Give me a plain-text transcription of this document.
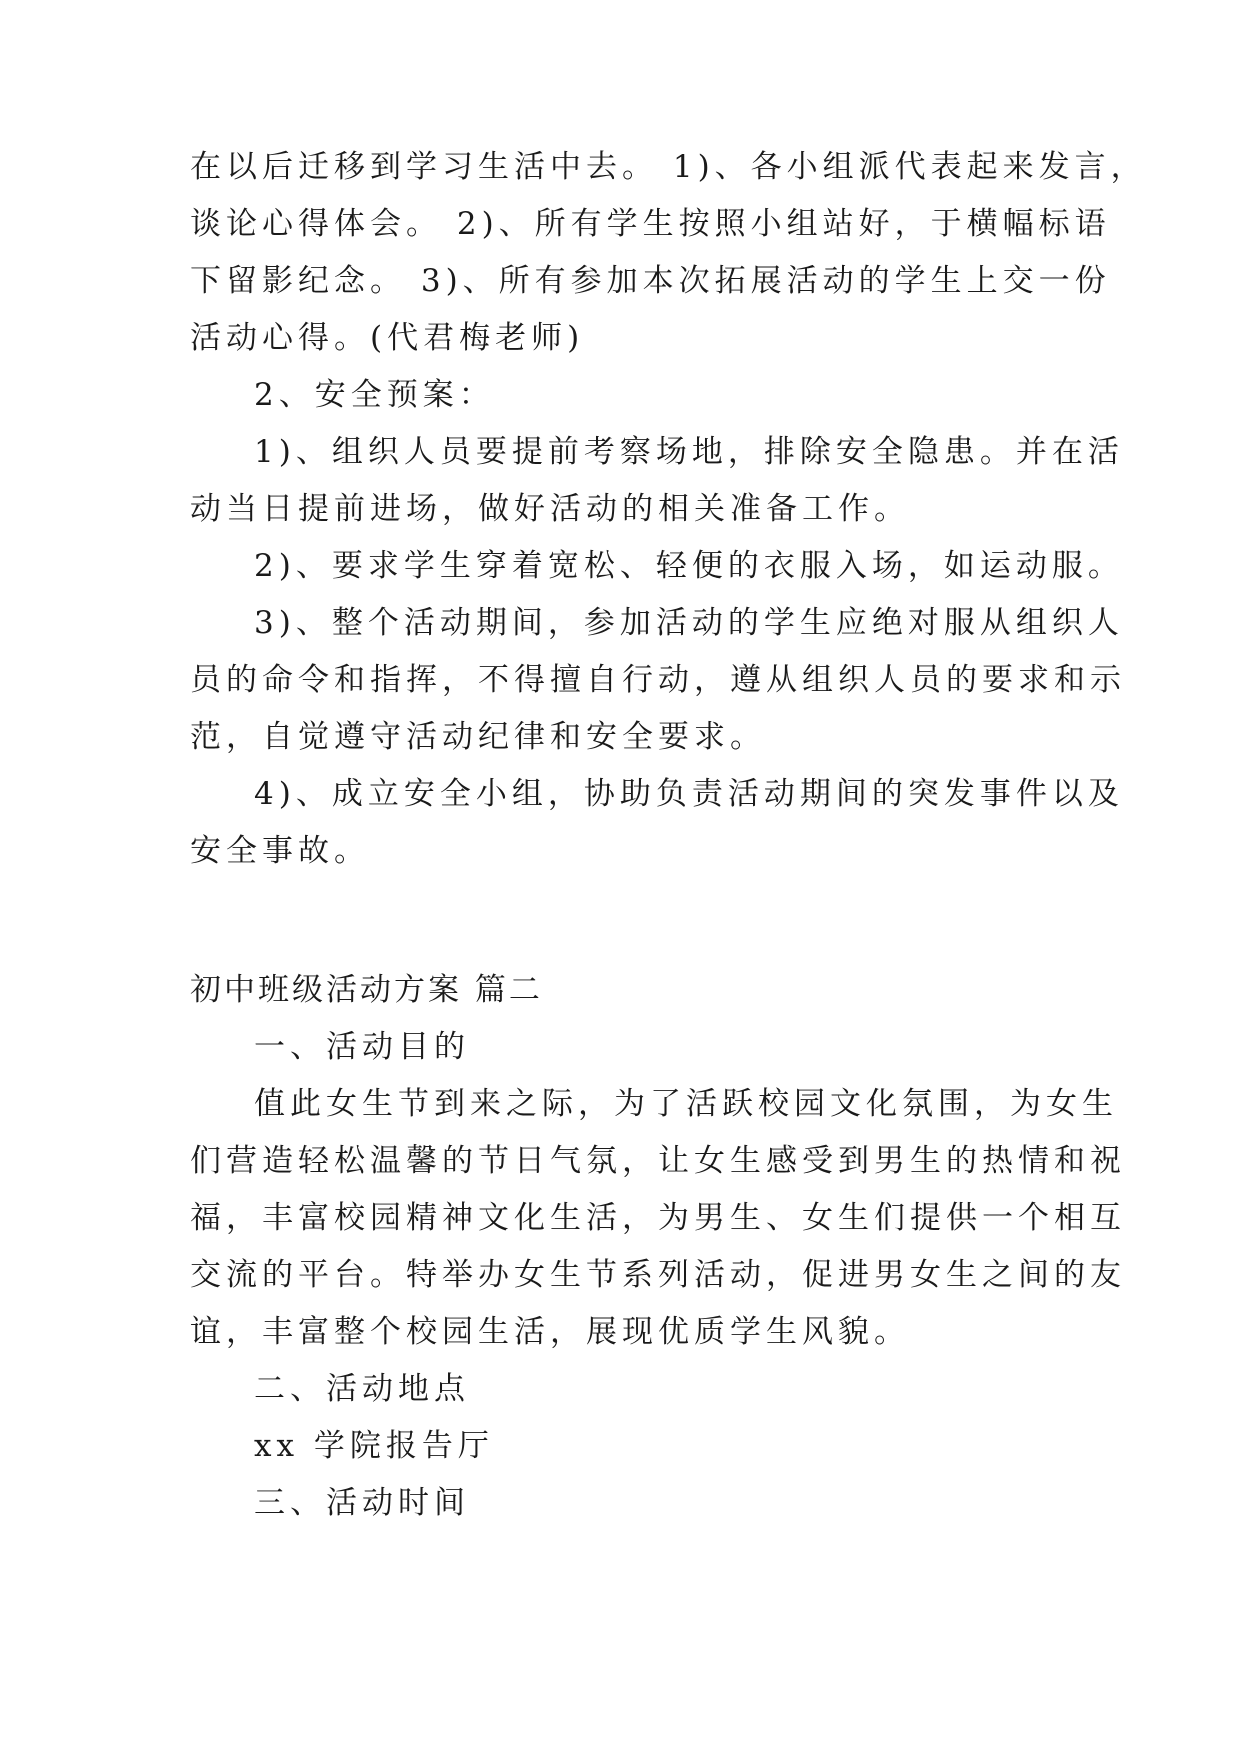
在以后迁移到学习生活中去。 1)、各小组派代表起来发言，
谈论心得体会。 2)、所有学生按照小组站好，于横幅标语
下留影纪念。 3)、所有参加本次拓展活动的学生上交一份
活动心得。(代君梅老师)
2、安全预案：
1)、组织人员要提前考察场地，排除安全隐患。并在活
动当日提前进场，做好活动的相关准备工作。
2)、要求学生穿着宽松、轻便的衣服入场，如运动服。
3)、整个活动期间，参加活动的学生应绝对服从组织人
员的命令和指挥，不得擅自行动，遵从组织人员的要求和示
范，自觉遵守活动纪律和安全要求。
4)、成立安全小组，协助负责活动期间的突发事件以及
安全事故。
初中班级活动方案 篇二
一、活动目的
值此女生节到来之际，为了活跃校园文化氛围，为女生
们营造轻松温馨的节日气氛，让女生感受到男生的热情和祝
福，丰富校园精神文化生活，为男生、女生们提供一个相互
交流的平台。特举办女生节系列活动，促进男女生之间的友
谊，丰富整个校园生活，展现优质学生风貌。
二、活动地点
xx 学院报告厅
三、活动时间
